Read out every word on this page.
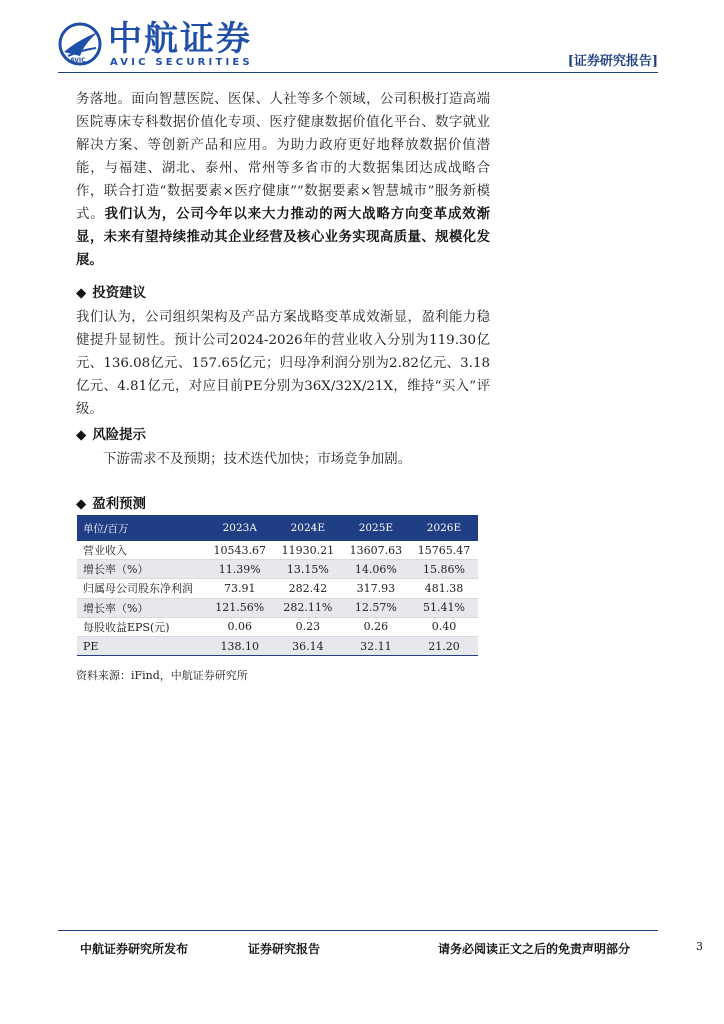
AVIC
中航证券
AVIC SECURITIES	[证券研究报告]

务落地。面向智慧医院、医保、人社等多个领域，公司积极打造高端医院專床专科数据价值化专项、医疗健康数据价值化平台、数字就业解决方案、等创新产品和应用。为助力政府更好地释放数据价值潜能，与福建、湖北、泰州、常州等多省市的大数据集团达成战略合作，联合打造“数据要素×医疗健康”“数据要素×智慧城市”服务新模式。我们认为，公司今年以来大力推动的两大战略方向变革成效渐显，未来有望持续推动其企业经营及核心业务实现高质量、规模化发展。

◆ 投资建议

我们认为，公司组织架构及产品方案战略变革成效渐显，盈利能力稳健提升显韧性。预计公司2024-2026年的营业收入分别为119.30亿元、136.08亿元、157.65亿元；归母净利润分别为2.82亿元、3.18亿元、4.81亿元，对应目前PE分别为36X/32X/21X，维持“买入”评级。

◆ 风险提示

下游需求不及预期；技术迭代加快；市场竞争加剧。

◆ 盈利预测
单位/百万	2023A	2024E	2025E	2026E
营业收入	10543.67	11930.21	13607.63	15765.47
增长率（%）	11.39%	13.15%	14.06%	15.86%
归属母公司股东净利润	73.91	282.42	317.93	481.38
增长率（%）	121.56%	282.11%	12.57%	51.41%
每股收益EPS(元)	0.06	0.23	0.26	0.40
PE	138.10	36.14	32.11	21.20
资料来源：iFind，中航证券研究所
中航证券研究所发布	证券研究报告	请务必阅读正文之后的免责声明部分	3
